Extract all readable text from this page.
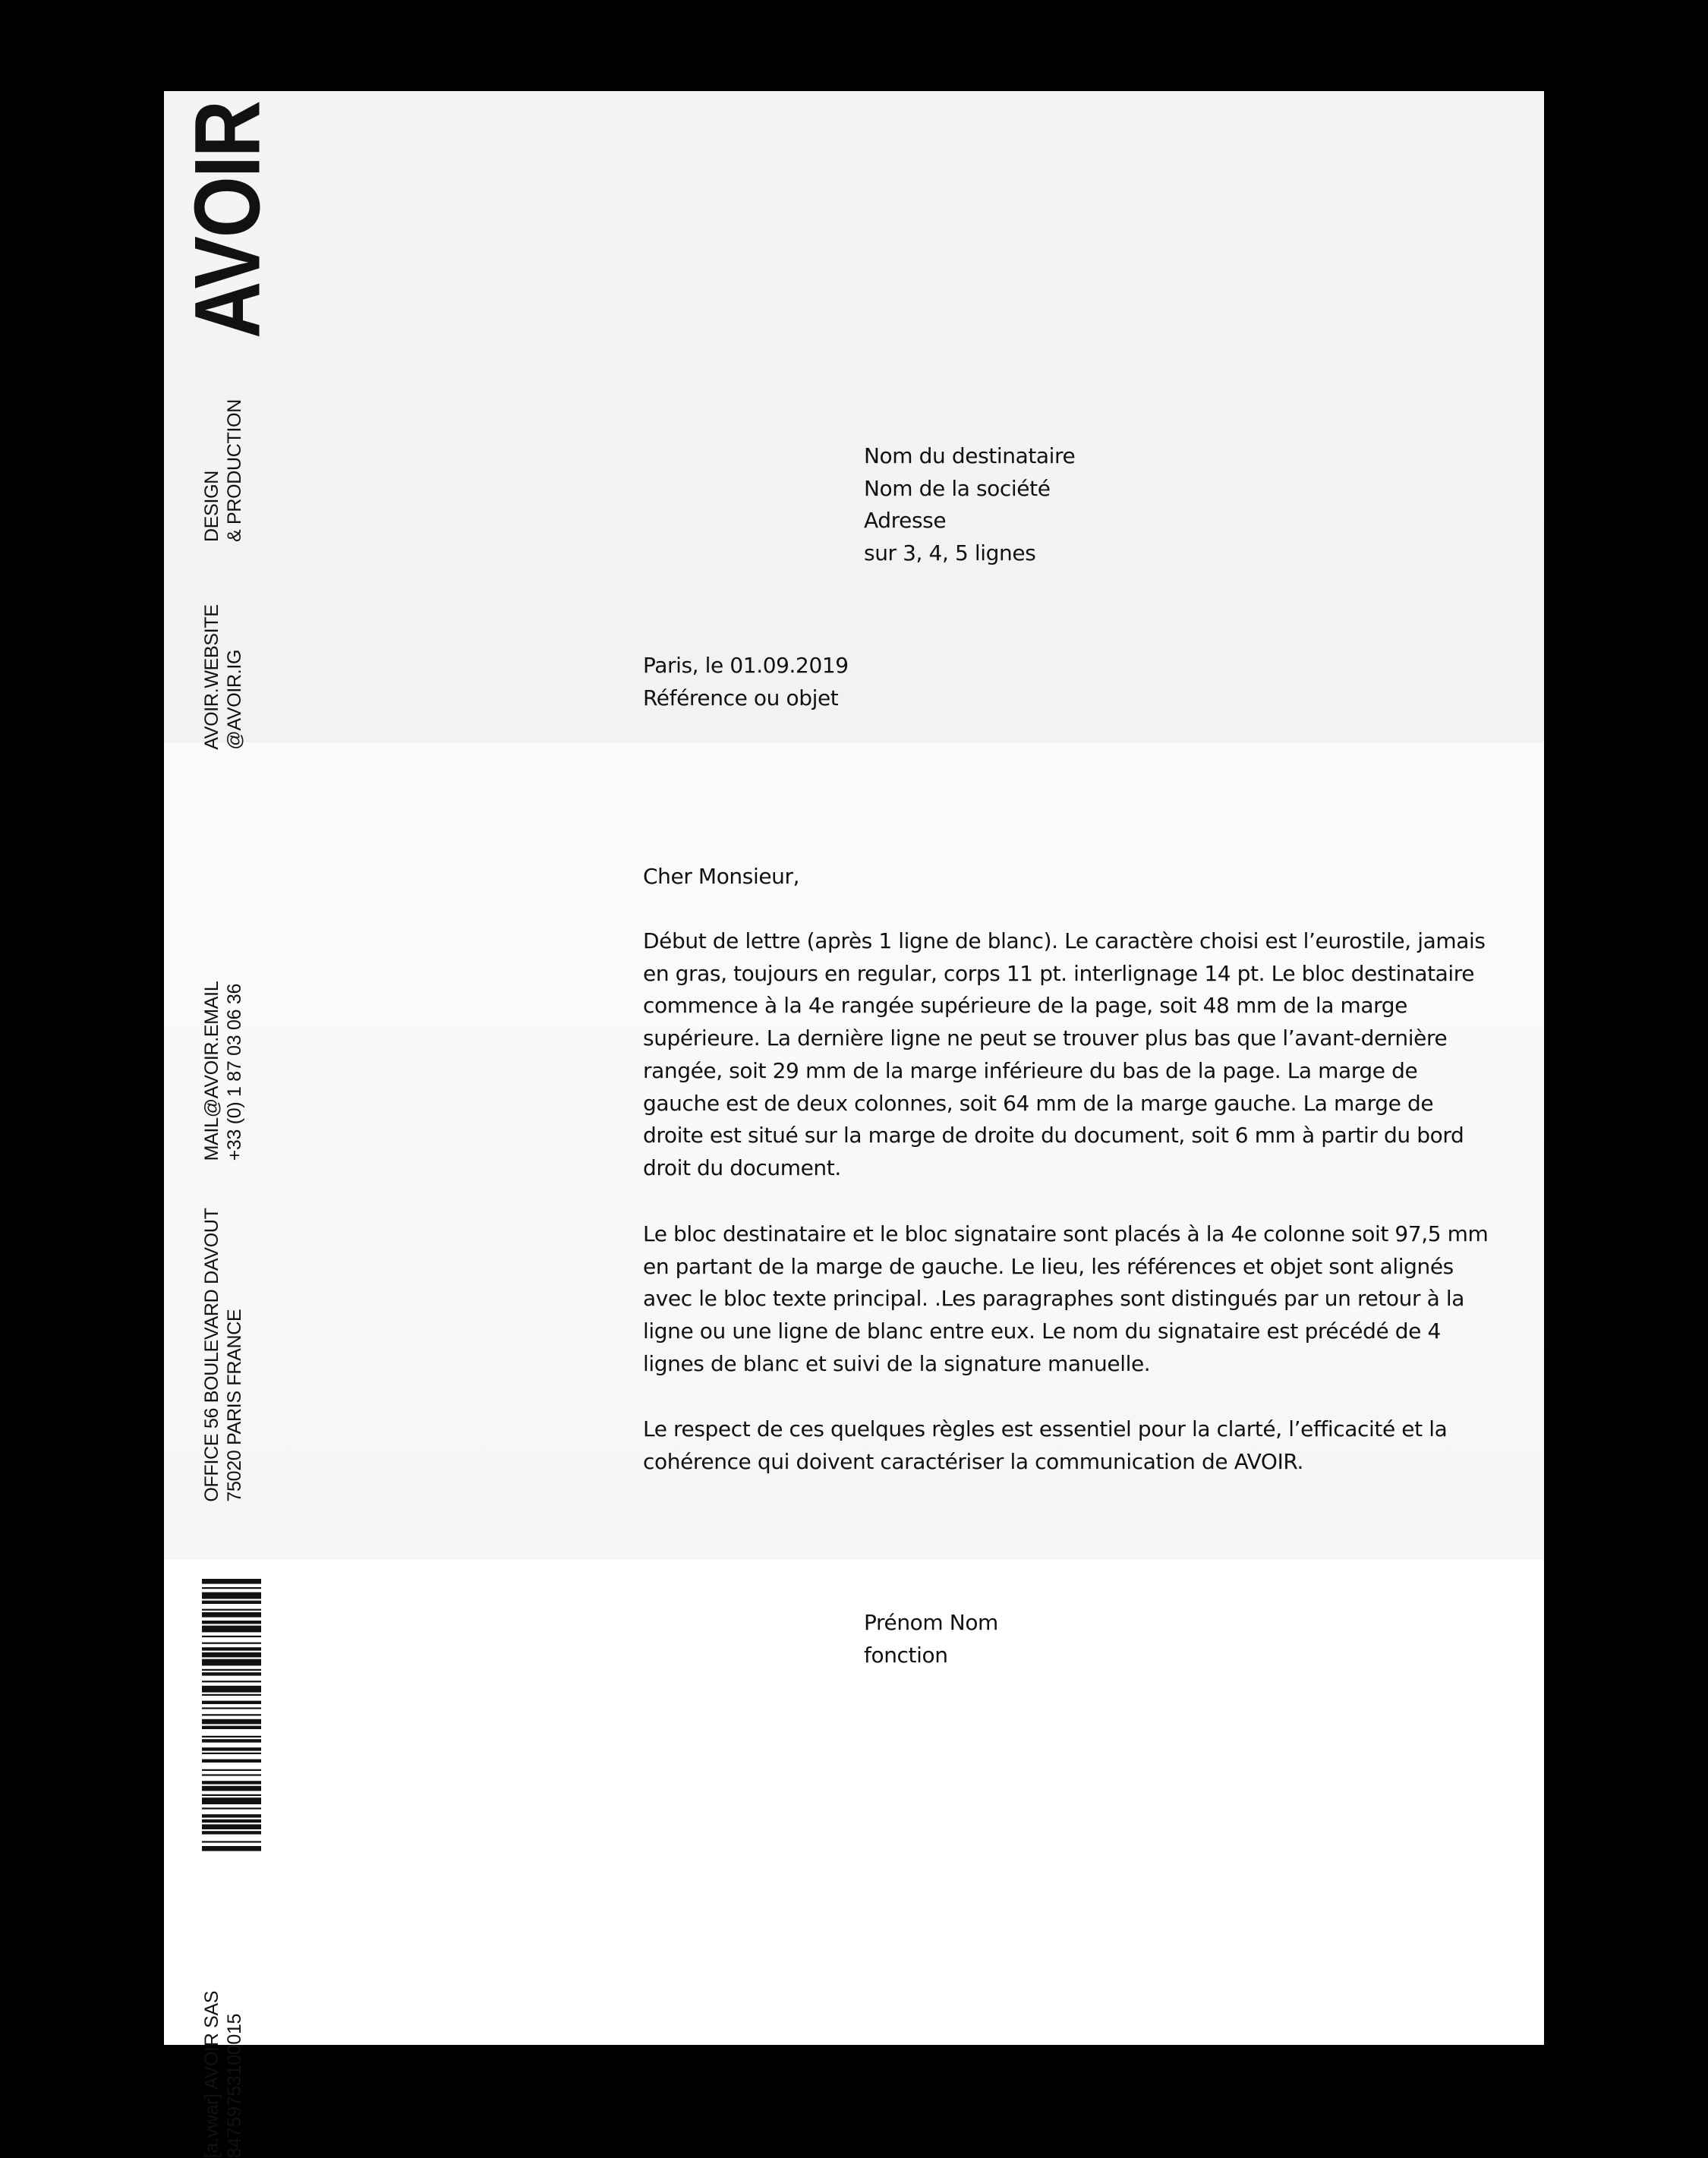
AVOIR
DESIGN & PRODUCTION
AVOIR.WEBSITE @AVOIR.IG
MAIL@AVOIR.EMAIL +33 (0) 1 87 03 06 36
OFFICE 56 BOULEVARD DAVOUT 75020 PARIS FRANCE
[a.vwar] AVOIR SAS 84759753100015
Nom du destinataire
Nom de la société
Adresse
sur 3, 4, 5 lignes
Paris, le 01.09.2019
Référence ou objet
Cher Monsieur,
Début de lettre (après 1 ligne de blanc). Le caractère choisi est l’eurostile, jamais
en gras, toujours en regular, corps 11 pt. interlignage 14 pt. Le bloc destinataire
commence à la 4e rangée supérieure de la page, soit 48 mm de la marge
supérieure. La dernière ligne ne peut se trouver plus bas que l’avant-dernière
rangée, soit 29 mm de la marge inférieure du bas de la page. La marge de
gauche est de deux colonnes, soit 64 mm de la marge gauche. La marge de
droite est situé sur la marge de droite du document, soit 6 mm à partir du bord
droit du document.
Le bloc destinataire et le bloc signataire sont placés à la 4e colonne soit 97,5 mm
en partant de la marge de gauche. Le lieu, les références et objet sont alignés
avec le bloc texte principal. .Les paragraphes sont distingués par un retour à la
ligne ou une ligne de blanc entre eux. Le nom du signataire est précédé de 4
lignes de blanc et suivi de la signature manuelle.
Le respect de ces quelques règles est essentiel pour la clarté, l’efficacité et la
cohérence qui doivent caractériser la communication de AVOIR.
Prénom Nom
fonction
